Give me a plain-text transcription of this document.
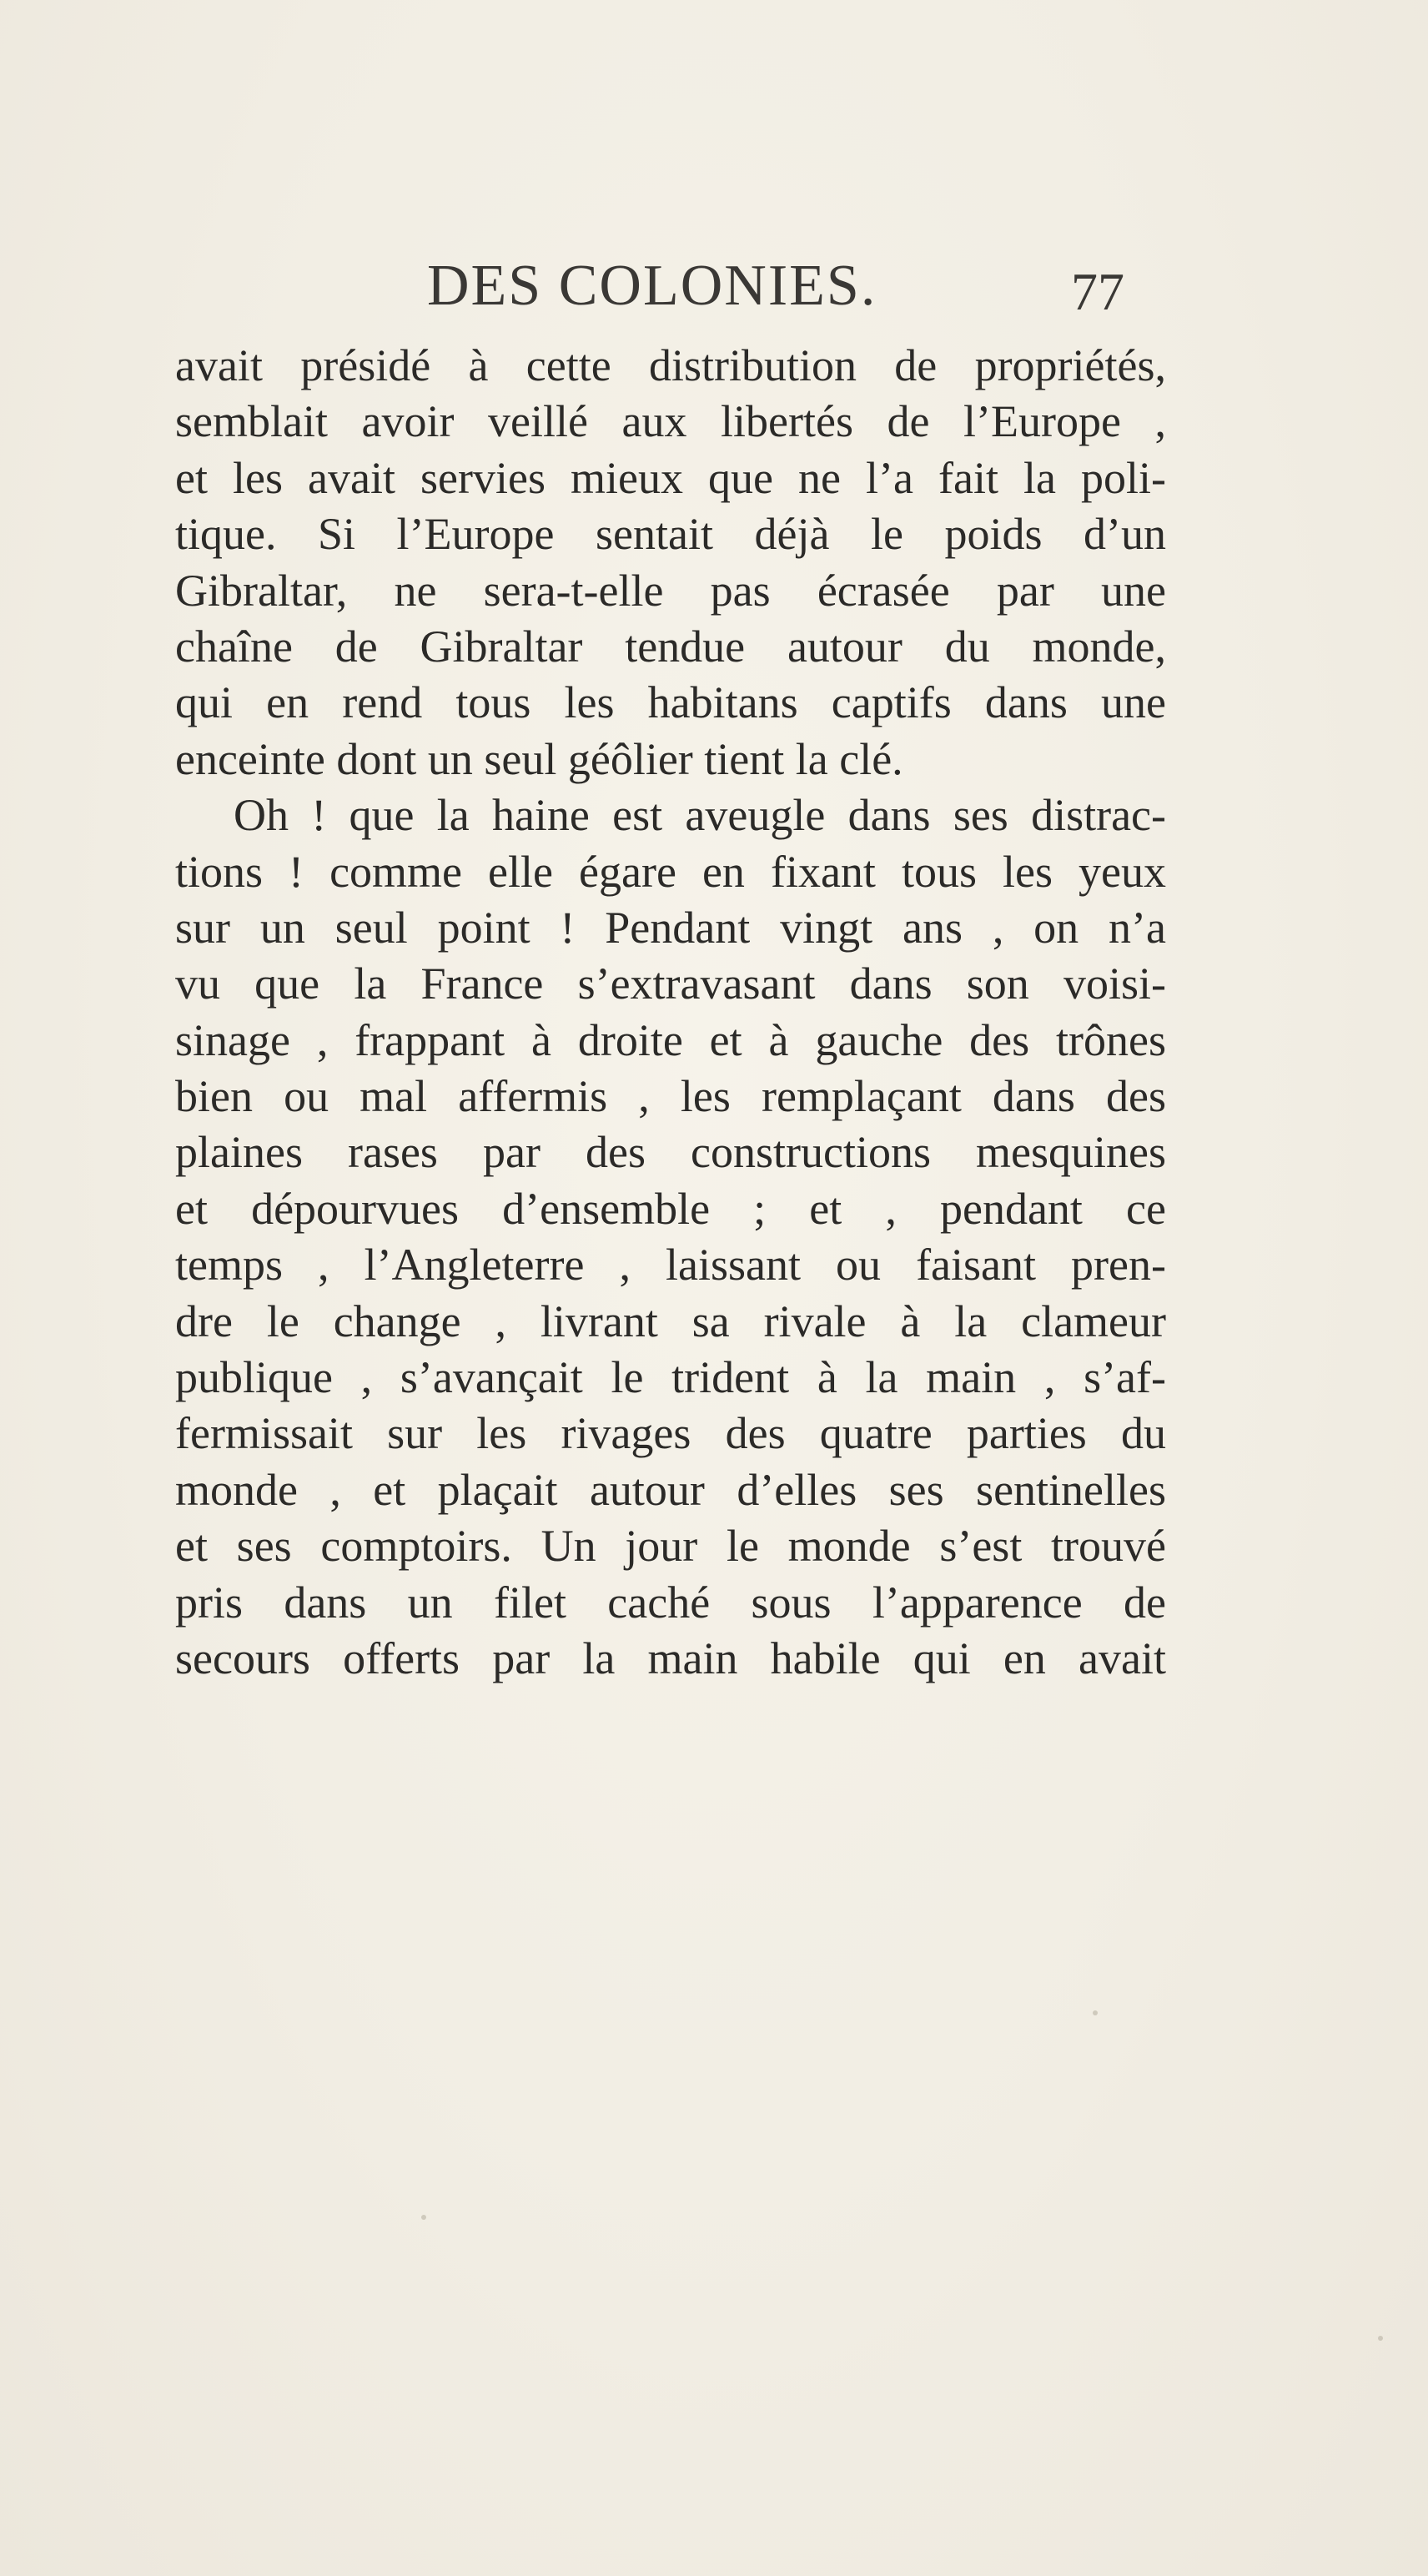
DES COLONIES.	77
avait présidé à cette distribution de propriétés,
semblait avoir veillé aux libertés de l’Europe ,
et les avait servies mieux que ne l’a fait la poli-
tique. Si l’Europe sentait déjà le poids d’un
Gibraltar, ne sera-t-elle pas écrasée par une
chaîne de Gibraltar tendue autour du monde,
qui en rend tous les habitans captifs dans une
enceinte dont un seul géôlier tient la clé.
Oh ! que la haine est aveugle dans ses distrac-
tions ! comme elle égare en fixant tous les yeux
sur un seul point ! Pendant vingt ans , on n’a
vu que la France s’extravasant dans son voisi-
sinage , frappant à droite et à gauche des trônes
bien ou mal affermis , les remplaçant dans des
plaines rases par des constructions mesquines
et dépourvues d’ensemble ; et , pendant ce
temps , l’Angleterre , laissant ou faisant pren-
dre le change , livrant sa rivale à la clameur
publique , s’avançait le trident à la main , s’af-
fermissait sur les rivages des quatre parties du
monde , et plaçait autour d’elles ses sentinelles
et ses comptoirs. Un jour le monde s’est trouvé
pris dans un filet caché sous l’apparence de
secours offerts par la main habile qui en avait
